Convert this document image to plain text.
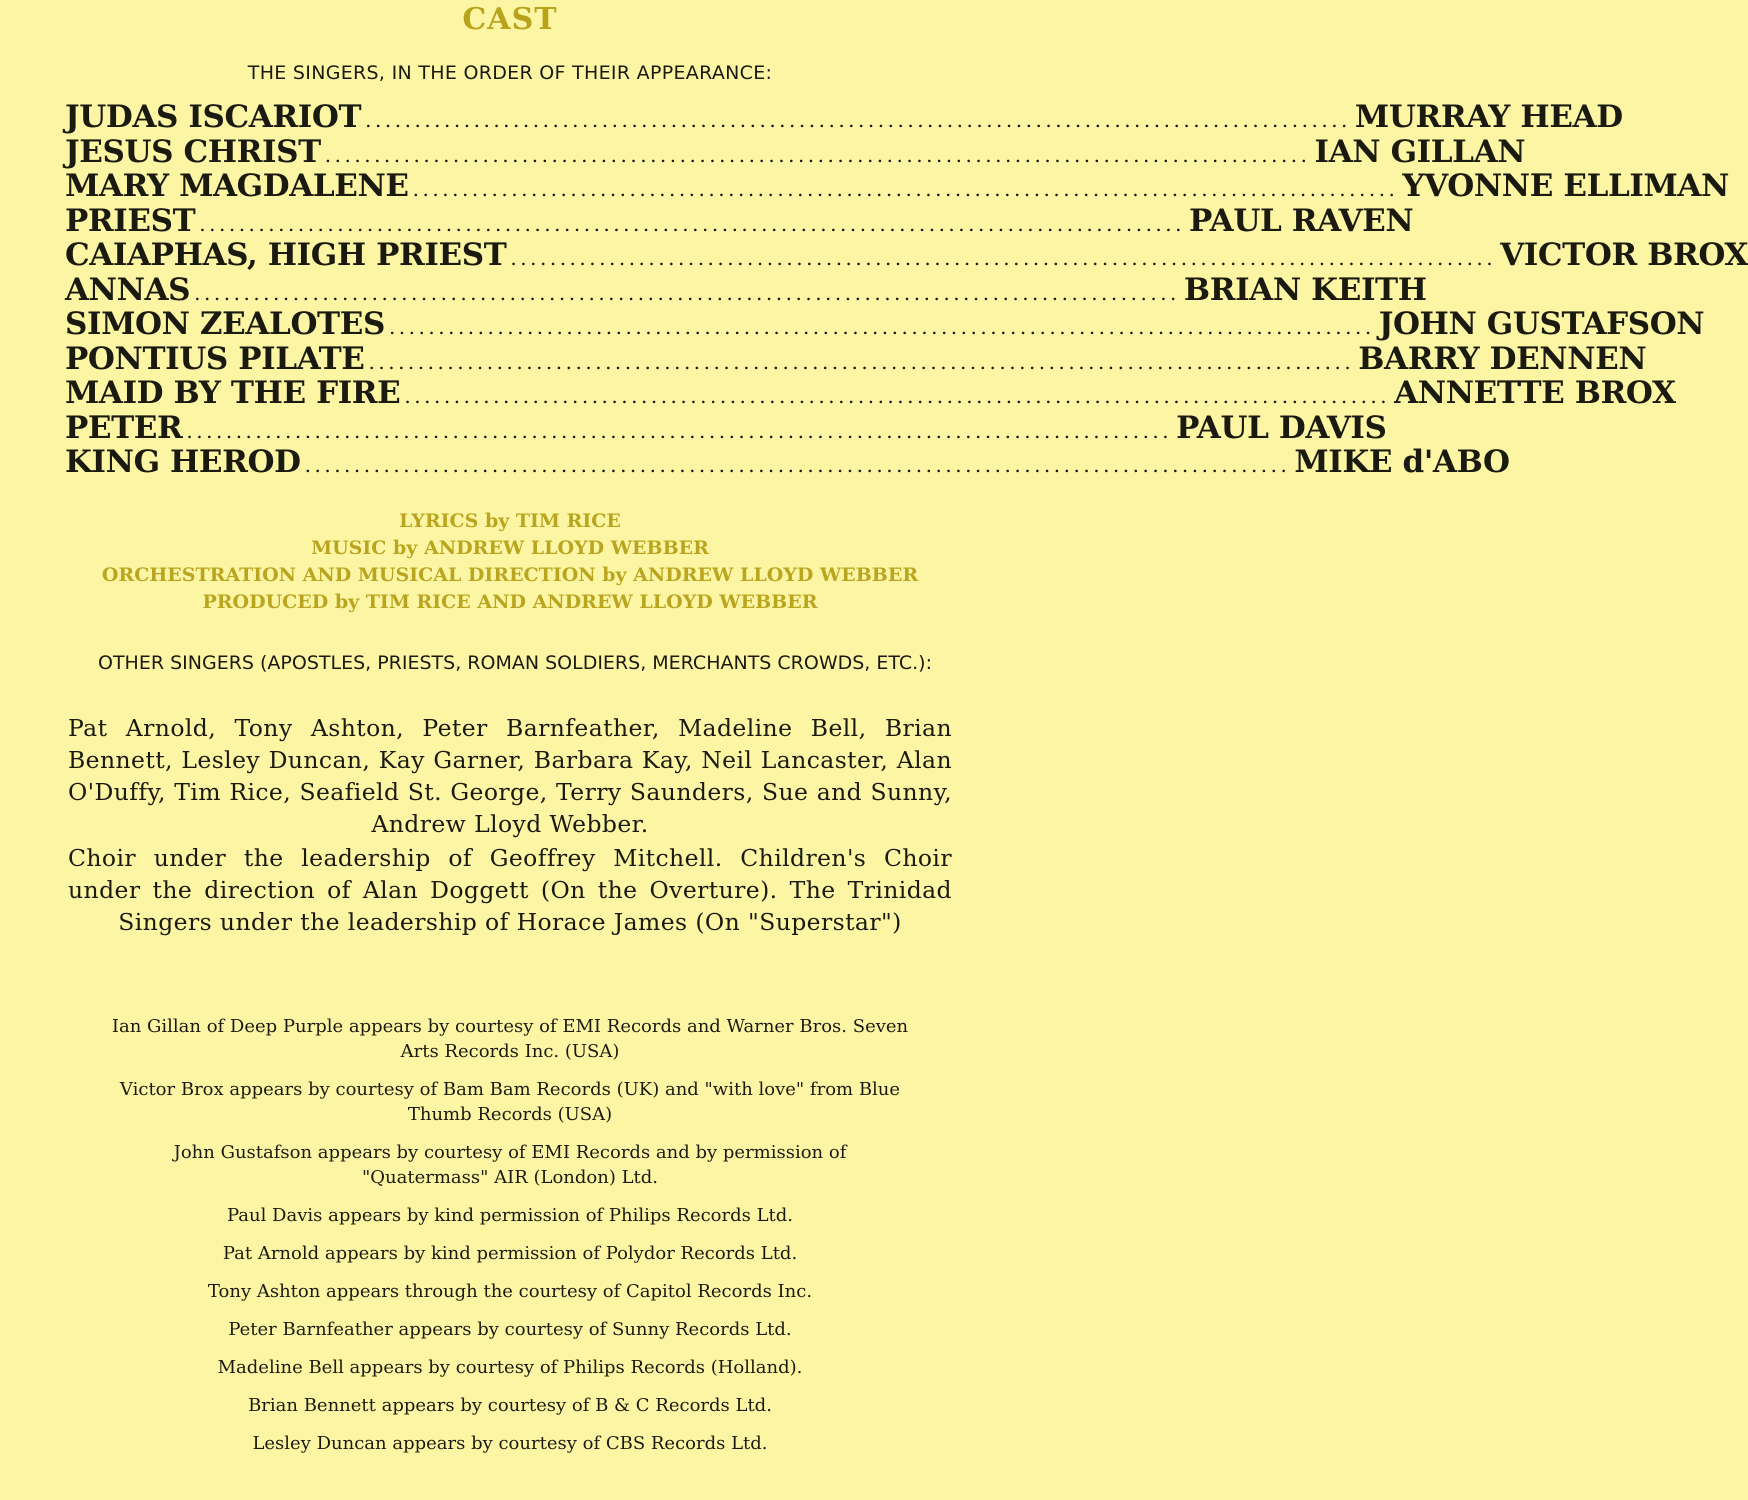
CAST
THE SINGERS, IN THE ORDER OF THEIR APPEARANCE:
JUDAS ISCARIOT .................................................................................................... MURRAY HEAD
JESUS CHRIST .................................................................................................... IAN GILLAN
MARY MAGDALENE .................................................................................................... YVONNE ELLIMAN
PRIEST .................................................................................................... PAUL RAVEN
CAIAPHAS, HIGH PRIEST .................................................................................................... VICTOR BROX
ANNAS .................................................................................................... BRIAN KEITH
SIMON ZEALOTES .................................................................................................... JOHN GUSTAFSON
PONTIUS PILATE .................................................................................................... BARRY DENNEN
MAID BY THE FIRE .................................................................................................... ANNETTE BROX
PETER .................................................................................................... PAUL DAVIS
KING HEROD .................................................................................................... MIKE d'ABO
LYRICS by TIM RICE
MUSIC by ANDREW LLOYD WEBBER
ORCHESTRATION AND MUSICAL DIRECTION by ANDREW LLOYD WEBBER
PRODUCED by TIM RICE AND ANDREW LLOYD WEBBER
OTHER SINGERS (APOSTLES, PRIESTS, ROMAN SOLDIERS, MERCHANTS CROWDS, ETC.):
Pat Arnold, Tony Ashton, Peter Barnfeather, Madeline Bell, Brian Bennett, Lesley Duncan, Kay Garner, Barbara Kay, Neil Lancaster, Alan O'Duffy, Tim Rice, Seafield St. George, Terry Saunders, Sue and Sunny, Andrew Lloyd Webber.
Choir under the leadership of Geoffrey Mitchell. Children's Choir under the direction of Alan Doggett (On the Overture). The Trinidad Singers under the leadership of Horace James (On "Superstar")
Ian Gillan of Deep Purple appears by courtesy of EMI Records and Warner Bros. Seven Arts Records Inc. (USA)
Victor Brox appears by courtesy of Bam Bam Records (UK) and "with love" from Blue Thumb Records (USA)
John Gustafson appears by courtesy of EMI Records and by permission of "Quatermass" AIR (London) Ltd.
Paul Davis appears by kind permission of Philips Records Ltd.
Pat Arnold appears by kind permission of Polydor Records Ltd.
Tony Ashton appears through the courtesy of Capitol Records Inc.
Peter Barnfeather appears by courtesy of Sunny Records Ltd.
Madeline Bell appears by courtesy of Philips Records (Holland).
Brian Bennett appears by courtesy of B & C Records Ltd.
Lesley Duncan appears by courtesy of CBS Records Ltd.
